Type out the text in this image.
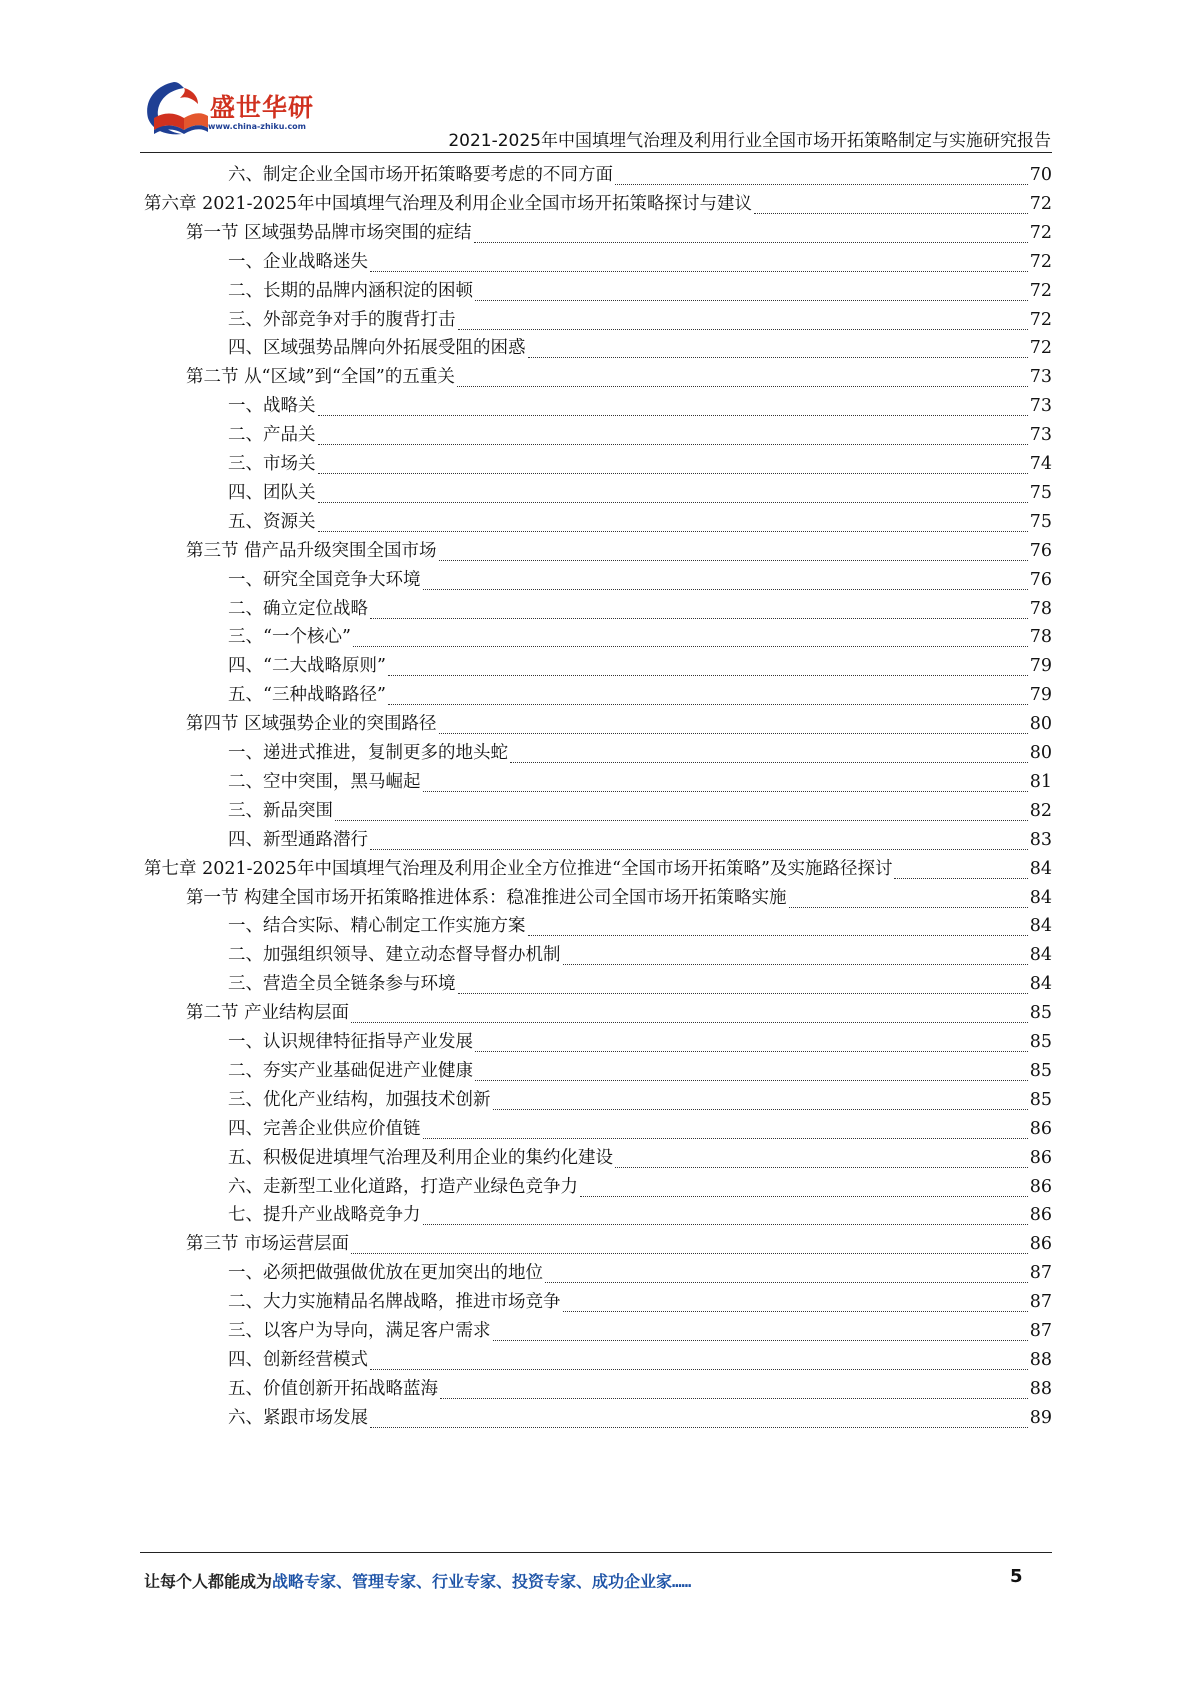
盛世华研
www.china-zhiku.com
2021-2025年中国填埋气治理及利用行业全国市场开拓策略制定与实施研究报告
六、制定企业全国市场开拓策略要考虑的不同方面	70
第六章 2021-2025年中国填埋气治理及利用企业全国市场开拓策略探讨与建议	72
第一节 区域强势品牌市场突围的症结	72
一、企业战略迷失	72
二、长期的品牌内涵积淀的困顿	72
三、外部竞争对手的腹背打击	72
四、区域强势品牌向外拓展受阻的困惑	72
第二节 从“区域”到“全国”的五重关	73
一、战略关	73
二、产品关	73
三、市场关	74
四、团队关	75
五、资源关	75
第三节 借产品升级突围全国市场	76
一、研究全国竞争大环境	76
二、确立定位战略	78
三、“一个核心”	78
四、“二大战略原则”	79
五、“三种战略路径”	79
第四节 区域强势企业的突围路径	80
一、递进式推进，复制更多的地头蛇	80
二、空中突围，黑马崛起	81
三、新品突围	82
四、新型通路潜行	83
第七章 2021-2025年中国填埋气治理及利用企业全方位推进“全国市场开拓策略”及实施路径探讨	84
第一节 构建全国市场开拓策略推进体系：稳准推进公司全国市场开拓策略实施	84
一、结合实际、精心制定工作实施方案	84
二、加强组织领导、建立动态督导督办机制	84
三、营造全员全链条参与环境	84
第二节 产业结构层面	85
一、认识规律特征指导产业发展	85
二、夯实产业基础促进产业健康	85
三、优化产业结构，加强技术创新	85
四、完善企业供应价值链	86
五、积极促进填埋气治理及利用企业的集约化建设	86
六、走新型工业化道路，打造产业绿色竞争力	86
七、提升产业战略竞争力	86
第三节 市场运营层面	86
一、必须把做强做优放在更加突出的地位	87
二、大力实施精品名牌战略，推进市场竞争	87
三、以客户为导向，满足客户需求	87
四、创新经营模式	88
五、价值创新开拓战略蓝海	88
六、紧跟市场发展	89
让每个人都能成为战略专家、管理专家、行业专家、投资专家、成功企业家……	5
